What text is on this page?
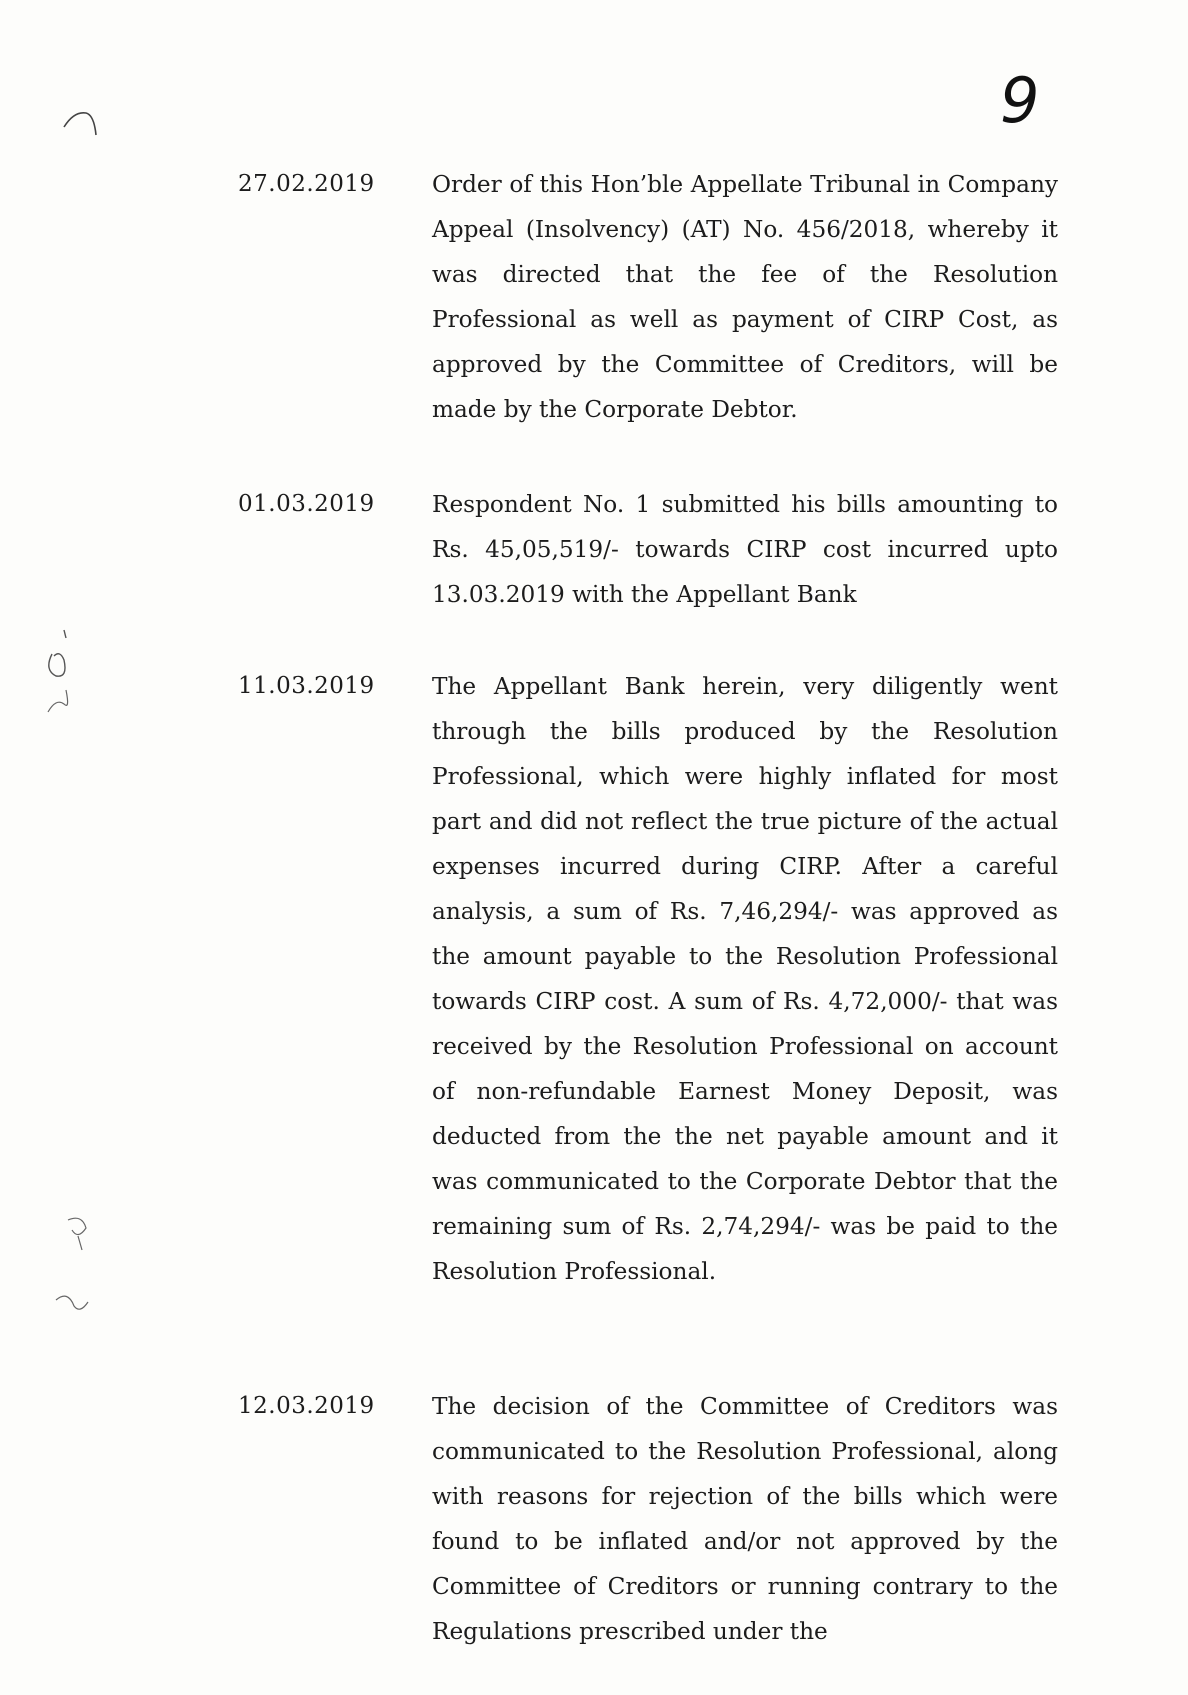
9
27.02.2019	Order of this Hon’ble Appellate Tribunal in Company Appeal (Insolvency) (AT) No. 456/2018, whereby it was directed that the fee of the Resolution Professional as well as payment of CIRP Cost, as approved by the Committee of Creditors, will be made by the Corporate Debtor.
01.03.2019	Respondent No. 1 submitted his bills amounting to Rs. 45,05,519/- towards CIRP cost incurred upto 13.03.2019 with the Appellant Bank
11.03.2019	The Appellant Bank herein, very diligently went through the bills produced by the Resolution Professional, which were highly inflated for most part and did not reflect the true picture of the actual expenses incurred during CIRP. After a careful analysis, a sum of Rs. 7,46,294/- was approved as the amount payable to the Resolution Professional towards CIRP cost. A sum of Rs. 4,72,000/- that was received by the Resolution Professional on account of non-refundable Earnest Money Deposit, was deducted from the the net payable amount and it was communicated to the Corporate Debtor that the remaining sum of Rs. 2,74,294/- was be paid to the Resolution Professional.
12.03.2019	The decision of the Committee of Creditors was communicated to the Resolution Professional, along with reasons for rejection of the bills which were found to be inflated and/or not approved by the Committee of Creditors or running contrary to the Regulations prescribed under the
